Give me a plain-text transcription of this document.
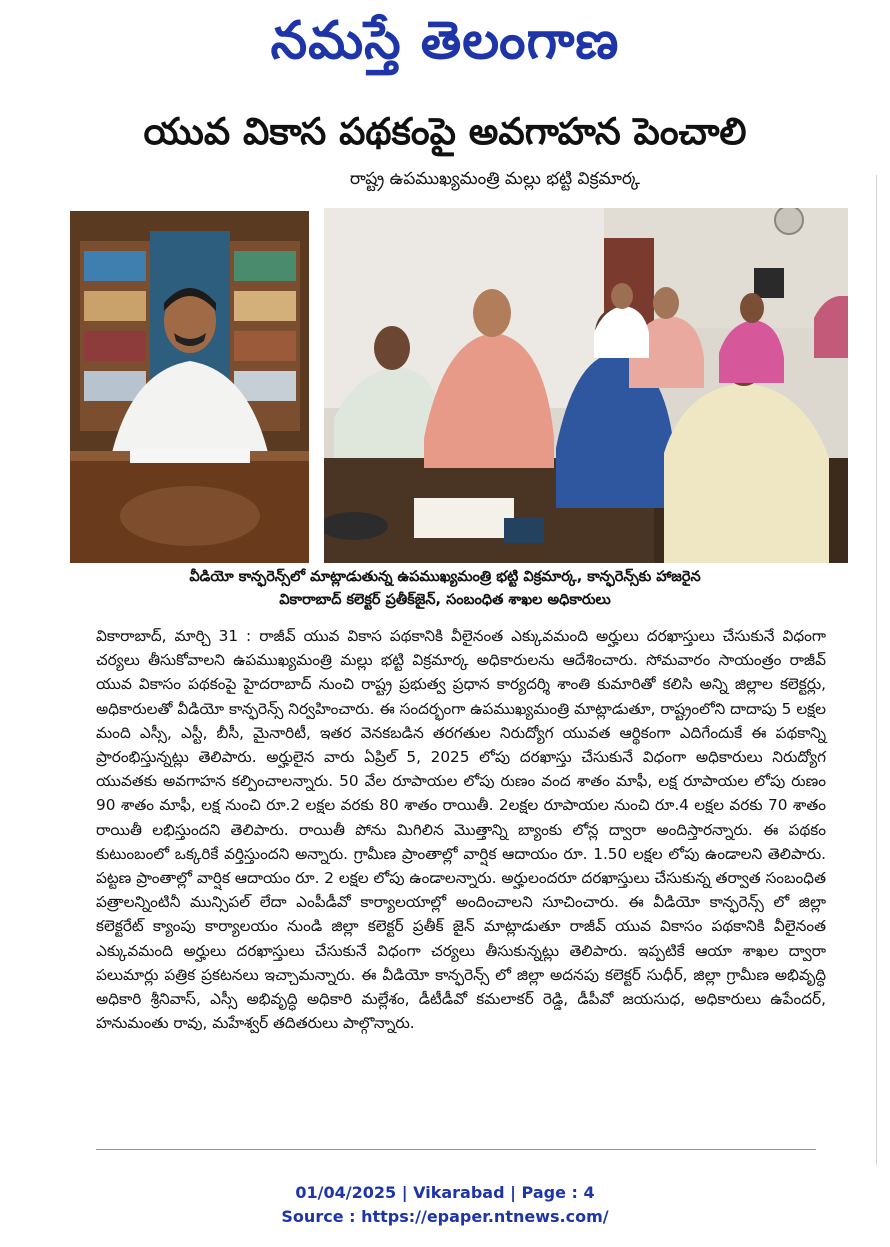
నమస్తే తెలంగాణ
యువ వికాస పథకంపై అవగాహన పెంచాలి
రాష్ట్ర ఉపముఖ్యమంత్రి మల్లు భట్టి విక్రమార్క
వీడియో కాన్ఫరెన్స్‌లో మాట్లాడుతున్న ఉపముఖ్యమంత్రి భట్టి విక్రమార్క, కాన్ఫరెన్స్‌కు హాజరైన
వికారాబాద్ కలెక్టర్ ప్రతీక్‌జైన్, సంబంధిత శాఖల అధికారులు
వికారాబాద్, మార్చి 31 : రాజీవ్ యువ వికాస పథకానికి వీలైనంత ఎక్కువమంది అర్హులు దరఖాస్తులు చేసుకునే విధంగా చర్యలు తీసుకోవాలని ఉపముఖ్యమంత్రి మల్లు భట్టి విక్రమార్క అధికారులను ఆదేశించారు. సోమవారం సాయంత్రం రాజీవ్ యువ వికాసం పథకంపై హైదరాబాద్ నుంచి రాష్ట్ర ప్రభుత్వ ప్రధాన కార్యదర్శి శాంతి కుమారితో కలిసి అన్ని జిల్లాల కలెక్టర్లు, అధికారులతో వీడియో కాన్ఫరెన్స్ నిర్వహించారు. ఈ సందర్భంగా ఉపముఖ్యమంత్రి మాట్లాడుతూ, రాష్ట్రంలోని దాదాపు 5 లక్షల మంది ఎస్సీ, ఎస్టీ, బీసీ, మైనారిటీ, ఇతర వెనకబడిన తరగతుల నిరుద్యోగ యువత ఆర్థికంగా ఎదిగేందుకే ఈ పథకాన్ని ప్రారంభిస్తున్నట్లు తెలిపారు. అర్హులైన వారు ఏప్రిల్ 5, 2025 లోపు దరఖాస్తు చేసుకునే విధంగా అధికారులు నిరుద్యోగ యువతకు అవగాహన కల్పించాలన్నారు. 50 వేల రూపాయల లోపు రుణం వంద శాతం మాఫీ, లక్ష రూపాయల లోపు రుణం 90 శాతం మాఫీ, లక్ష నుంచి రూ.2 లక్షల వరకు 80 శాతం రాయితీ. 2లక్షల రూపాయల నుంచి రూ.4 లక్షల వరకు 70 శాతం రాయితీ లభిస్తుందని తెలిపారు. రాయితీ పోను మిగిలిన మొత్తాన్ని బ్యాంకు లోన్ల ద్వారా అందిస్తారన్నారు. ఈ పథకం కుటుంబంలో ఒక్కరికే వర్తిస్తుందని అన్నారు. గ్రామీణ ప్రాంతాల్లో వార్షిక ఆదాయం రూ. 1.50 లక్షల లోపు ఉండాలని తెలిపారు. పట్టణ ప్రాంతాల్లో వార్షిక ఆదాయం రూ. 2 లక్షల లోపు ఉండాలన్నారు. అర్హులందరూ దరఖాస్తులు చేసుకున్న తర్వాత సంబంధిత పత్రాలన్నింటినీ మున్సిపల్ లేదా ఎంపీడీవో కార్యాలయాల్లో అందించాలని సూచించారు. ఈ వీడియో కాన్ఫరెన్స్ లో జిల్లా కలెక్టరేట్ క్యాంపు కార్యాలయం నుండి జిల్లా కలెక్టర్ ప్రతీక్ జైన్ మాట్లాడుతూ రాజీవ్ యువ వికాసం పథకానికి వీలైనంత ఎక్కువమంది అర్హులు దరఖాస్తులు చేసుకునే విధంగా చర్యలు తీసుకున్నట్లు తెలిపారు. ఇప్పటికే ఆయా శాఖల ద్వారా పలుమార్లు పత్రిక ప్రకటనలు ఇచ్చామన్నారు. ఈ వీడియో కాన్ఫరెన్స్ లో జిల్లా అదనపు కలెక్టర్ సుధీర్, జిల్లా గ్రామీణ అభివృద్ధి అధికారి శ్రీనివాస్, ఎస్సీ అభివృద్ధి అధికారి మల్లేశం, డీటీడీవో కమలాకర్ రెడ్డి, డీపీవో జయసుధ, అధికారులు ఉపేందర్, హనుమంతు రావు, మహేశ్వర్ తదితరులు పాల్గొన్నారు.
01/04/2025 | Vikarabad | Page : 4
Source : https://epaper.ntnews.com/
